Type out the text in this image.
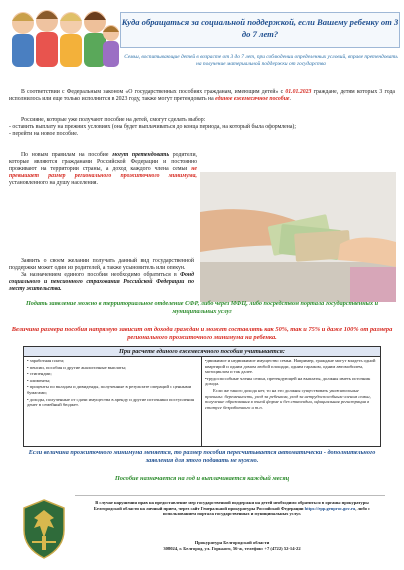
Куда обращаться за социальной поддержкой, если Вашему ребенку от 3 до 7 лет?
Семьи, воспитывающие детей в возрасте от 3 до 7 лет, при соблюдении определенных условий, вправе претендовать на получение материальной поддержки от государства
В соответствии с Федеральным законом «О государственных пособиях гражданам, имеющим детей» с 01.01.2023 граждане, детям которых 3 года исполнилось или еще только исполнится в 2023 году, также могут претендовать на единое ежемесячное пособие.
Россияне, которые уже получают пособие на детей, смогут сделать выбор:
- оставить выплату на прежних условиях (она будет выплачиваться до конца периода, на который была оформлена);
- перейти на новое пособие.
По новым правилам на пособие могут претендовать родители, которые являются гражданами Российской Федерации и постоянно проживают на территории страны, а доход каждого члена семьи не превышает размер регионального прожиточного минимума, установленного на душу населения.
Заявить о своем желании получать данный вид государственной поддержки может один из родителей, а также усыновитель или опекун.
За назначением единого пособия необходимо обратиться в Фонд социального и пенсионного страхования Российской Федерации по месту жительства.
Подать заявление можно в территориальное отделение СФР, либо через МФЦ, либо посредством портала государственных и муниципальных услуг
Величина размера пособия напрямую зависит от дохода граждан и может составлять как 50%, так и 75% и даже 100% от размера регионального прожиточного минимума на ребенка.
При расчете единого ежемесячного пособия учитывается:
• заработная плата;
• пенсии, пособия и другие аналогичные выплаты;
• стипендии;
• алименты;
• проценты по вкладам и дивиденды, полученные в результате операций с ценными бумагами;
• доходы, полученные от сдачи имущества в аренду и другие источники поступления денег в семейный бюджет.
•движимое и недвижимое имущество семьи. Например, граждане могут владеть одной квартирой и одним домом любой площади, одним гаражом, одним автомобилем, мотоциклом и так далее.
•трудоспособные члены семьи, претендующей на выплаты, должны иметь источник дохода.
Если же такого дохода нет, то на это должны существовать уважительные причины: беременность, уход за ребенком, уход за нетрудоспособным членом семьи, получение образования в очной форме и без стипендии, официальная регистрация в статусе безработного и т.п.
Если величина прожиточного минимума меняется, то размер пособия пересчитывается автоматически - дополнительного заявления для этого подавать не нужно.
Пособие назначается на год и выплачивается каждый месяц
В случае нарушения прав на предоставление мер государственной поддержки на детей необходимо обратиться в органы прокуратуры Белгородской области на личный прием, через сайт Генеральной прокуратуры Российской Федерации https://epp.genproc.gov.ru, либо с использованием портала государственных и муниципальных услуг.
Прокуратура Белгородской области
308024, г. Белгород, ул. Горького, 56-ж, телефон: +7 (4722) 52-14-22
